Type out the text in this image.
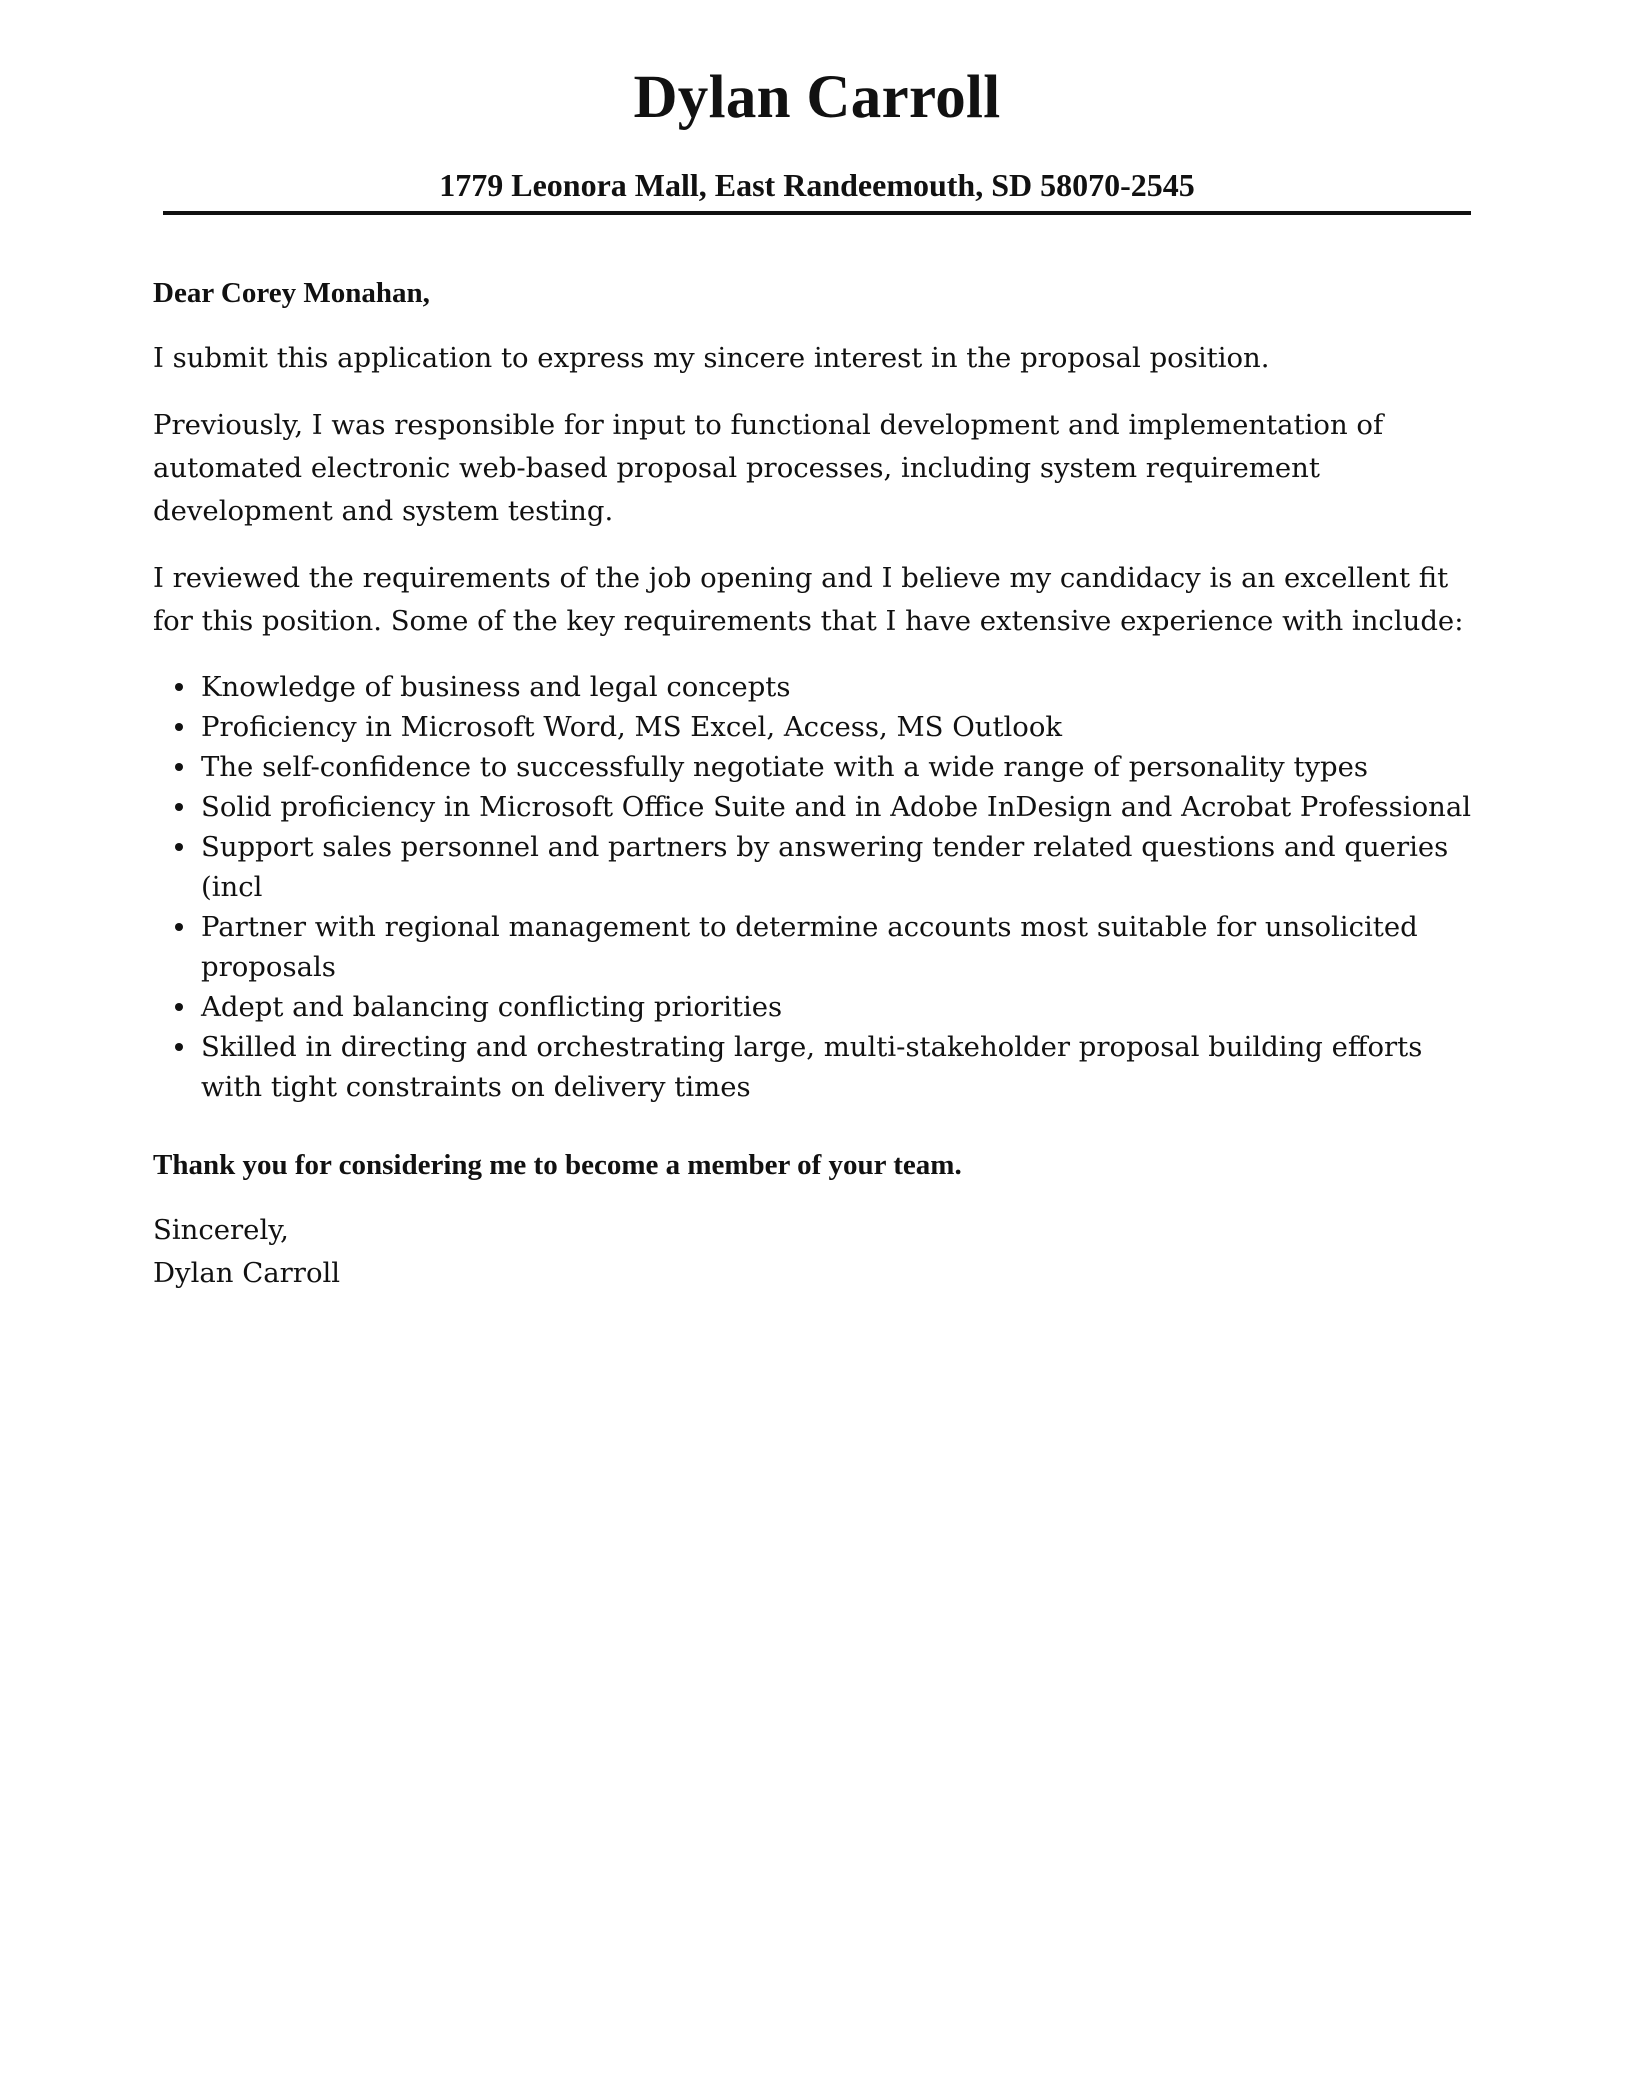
Dylan Carroll
1779 Leonora Mall, East Randeemouth, SD 58070-2545
Dear Corey Monahan,

I submit this application to express my sincere interest in the proposal position.

Previously, I was responsible for input to functional development and implementation of automated electronic web-based proposal processes, including system requirement development and system testing.

I reviewed the requirements of the job opening and I believe my candidacy is an excellent fit for this position. Some of the key requirements that I have extensive experience with include:

Knowledge of business and legal concepts
Proficiency in Microsoft Word, MS Excel, Access, MS Outlook
The self-confidence to successfully negotiate with a wide range of personality types
Solid proficiency in Microsoft Office Suite and in Adobe InDesign and Acrobat Professional
Support sales personnel and partners by answering tender related questions and queries (incl
Partner with regional management to determine accounts most suitable for unsolicited proposals
Adept and balancing conflicting priorities
Skilled in directing and orchestrating large, multi-stakeholder proposal building efforts with tight constraints on delivery times
Thank you for considering me to become a member of your team.
Sincerely,
Dylan Carroll
